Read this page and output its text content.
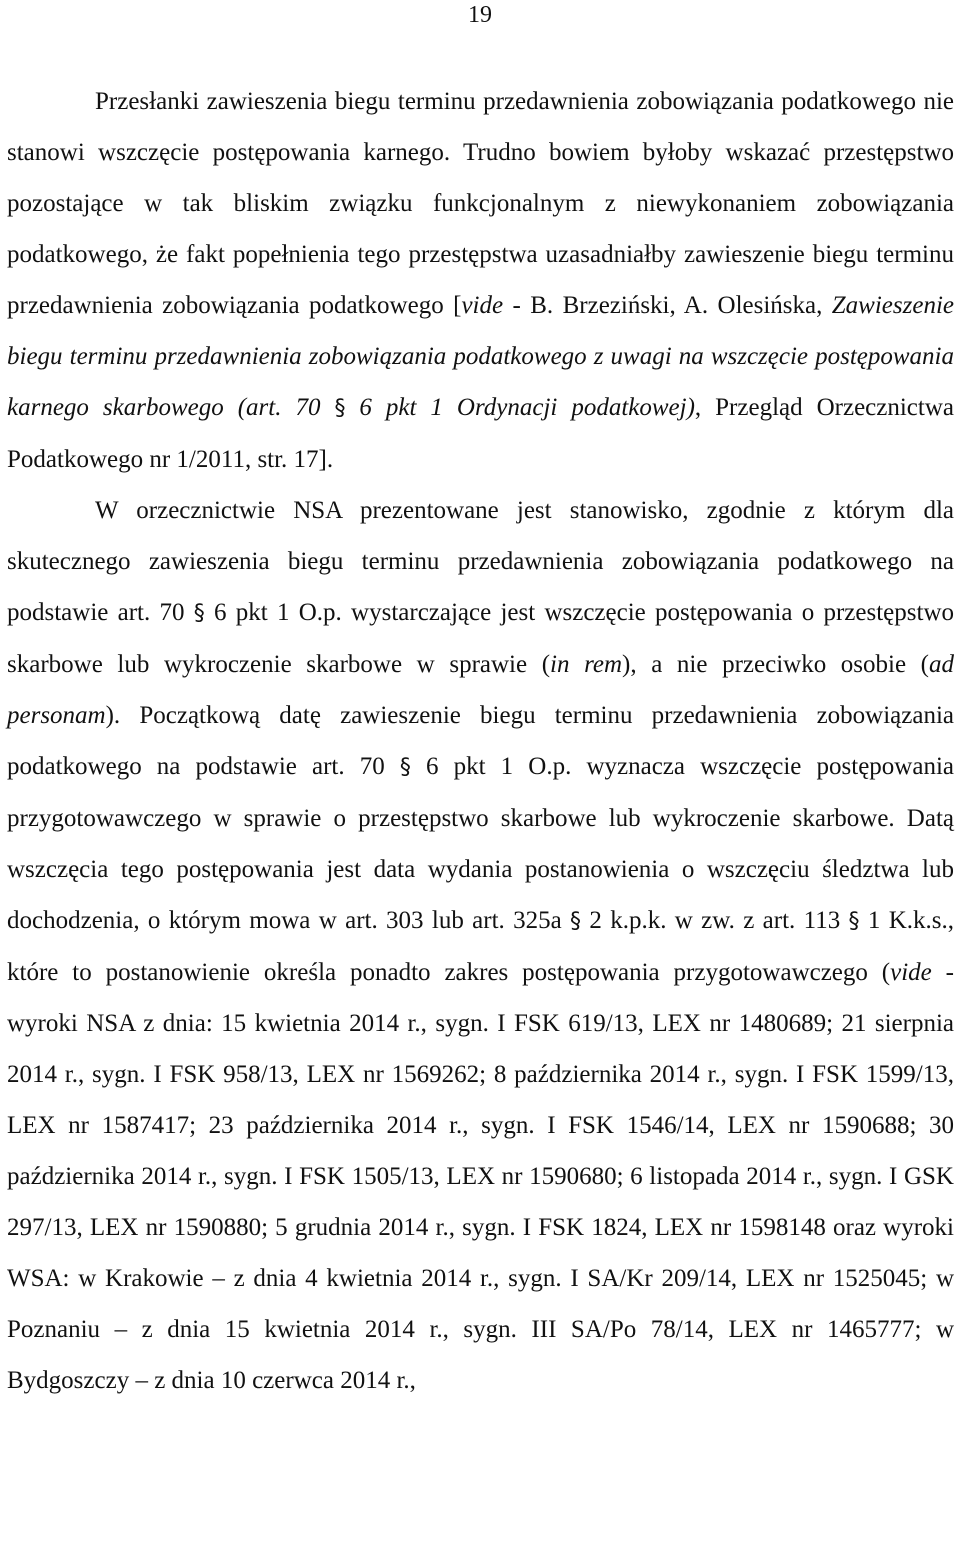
19

Przesłanki zawieszenia biegu terminu przedawnienia zobowiązania podatkowego nie stanowi wszczęcie postępowania karnego. Trudno bowiem byłoby wskazać przestępstwo pozostające w tak bliskim związku funkcjonalnym z niewykonaniem zobowiązania podatkowego, że fakt popełnienia tego przestępstwa uzasadniałby zawieszenie biegu terminu przedawnienia zobowiązania podatkowego [vide - B. Brzeziński, A. Olesińska, Zawieszenie biegu terminu przedawnienia zobowiązania podatkowego z uwagi na wszczęcie postępowania karnego skarbowego (art. 70 § 6 pkt 1 Ordynacji podatkowej), Przegląd Orzecznictwa Podatkowego nr 1/2011, str. 17].

W orzecznictwie NSA prezentowane jest stanowisko, zgodnie z którym dla skutecznego zawieszenia biegu terminu przedawnienia zobowiązania podatkowego na podstawie art. 70 § 6 pkt 1 O.p. wystarczające jest wszczęcie postępowania o przestępstwo skarbowe lub wykroczenie skarbowe w sprawie (in rem), a nie przeciwko osobie (ad personam). Początkową datę zawieszenie biegu terminu przedawnienia zobowiązania podatkowego na podstawie art. 70 § 6 pkt 1 O.p. wyznacza wszczęcie postępowania przygotowawczego w sprawie o przestępstwo skarbowe lub wykroczenie skarbowe. Datą wszczęcia tego postępowania jest data wydania postanowienia o wszczęciu śledztwa lub dochodzenia, o którym mowa w art. 303 lub art. 325a § 2 k.p.k. w zw. z art. 113 § 1 K.k.s., które to postanowienie określa ponadto zakres postępowania przygotowawczego (vide - wyroki NSA z dnia: 15 kwietnia 2014 r., sygn. I FSK 619/13, LEX nr 1480689; 21 sierpnia 2014 r., sygn. I FSK 958/13, LEX nr 1569262; 8 października 2014 r., sygn. I FSK 1599/13, LEX nr 1587417; 23 października 2014 r., sygn. I FSK 1546/14, LEX nr 1590688; 30 października 2014 r., sygn. I FSK 1505/13, LEX nr 1590680; 6 listopada 2014 r., sygn. I GSK 297/13, LEX nr 1590880; 5 grudnia 2014 r., sygn. I FSK 1824, LEX nr 1598148 oraz wyroki WSA: w Krakowie – z dnia 4 kwietnia 2014 r., sygn. I SA/Kr 209/14, LEX nr 1525045; w Poznaniu – z dnia 15 kwietnia 2014 r., sygn. III SA/Po 78/14, LEX nr 1465777; w Bydgoszczy – z dnia 10 czerwca 2014 r.,
